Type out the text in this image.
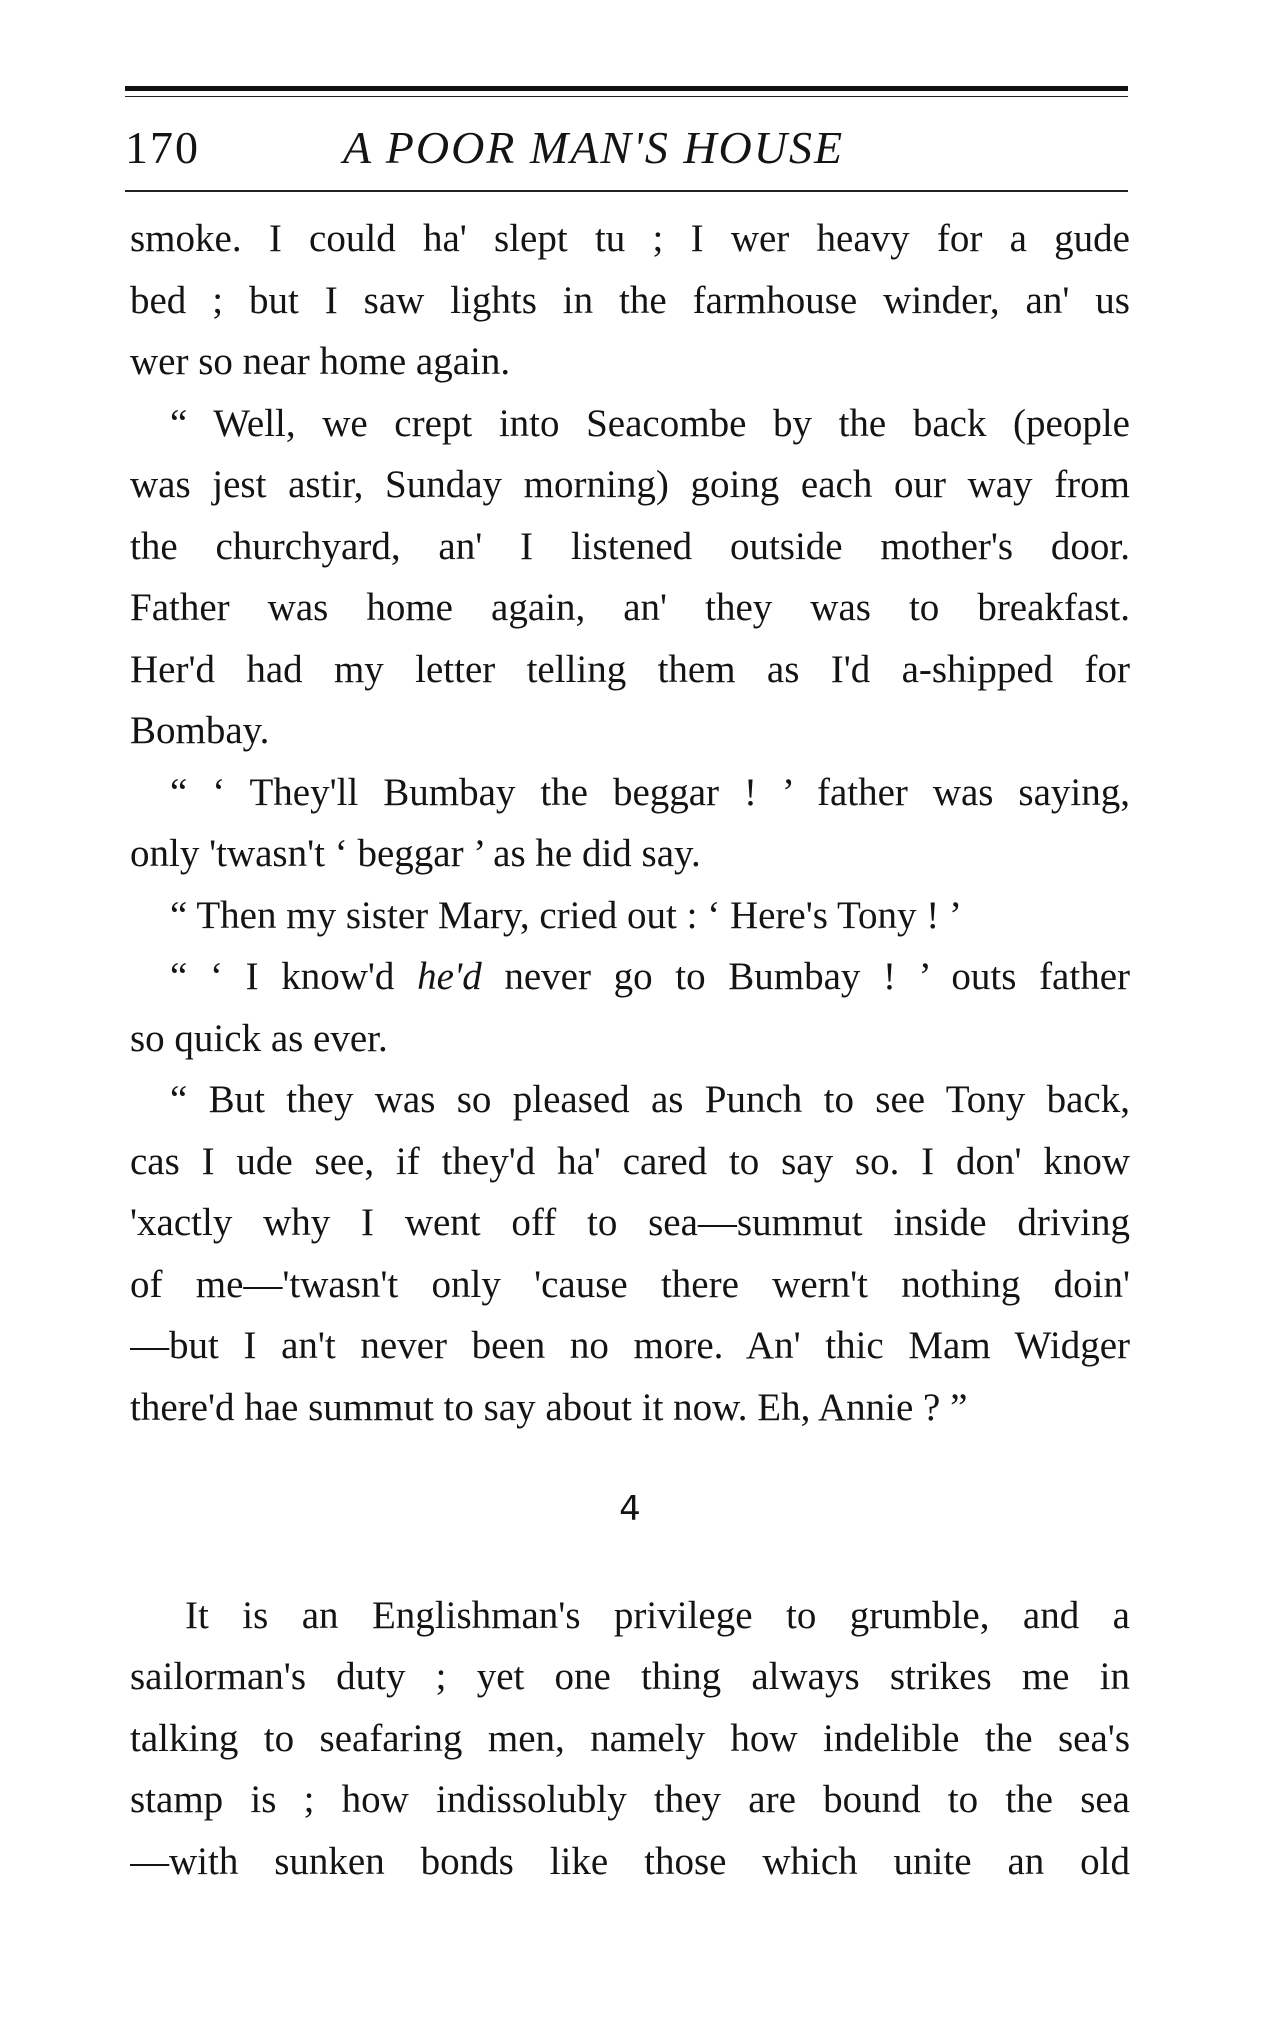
170	A POOR MAN'S HOUSE
smoke. I could ha' slept tu ; I wer heavy for a gude
bed ; but I saw lights in the farmhouse winder, an' us
wer so near home again.
“ Well, we crept into Seacombe by the back (people
was jest astir, Sunday morning) going each our way from
the churchyard, an' I listened outside mother's door.
Father was home again, an' they was to breakfast.
Her'd had my letter telling them as I'd a-shipped for
Bombay.
“ ‘ They'll Bumbay the beggar ! ’ father was saying,
only 'twasn't ‘ beggar ’ as he did say.
“ Then my sister Mary, cried out : ‘ Here's Tony ! ’
“ ‘ I know'd he'd never go to Bumbay ! ’ outs father
so quick as ever.
“ But they was so pleased as Punch to see Tony back,
cas I ude see, if they'd ha' cared to say so. I don' know
'xactly why I went off to sea—summut inside driving
of me—'twasn't only 'cause there wern't nothing doin'
—but I an't never been no more. An' thic Mam Widger
there'd hae summut to say about it now. Eh, Annie ? ”
4
It is an Englishman's privilege to grumble, and a
sailorman's duty ; yet one thing always strikes me in
talking to seafaring men, namely how indelible the sea's
stamp is ; how indissolubly they are bound to the sea
—with sunken bonds like those which unite an old
